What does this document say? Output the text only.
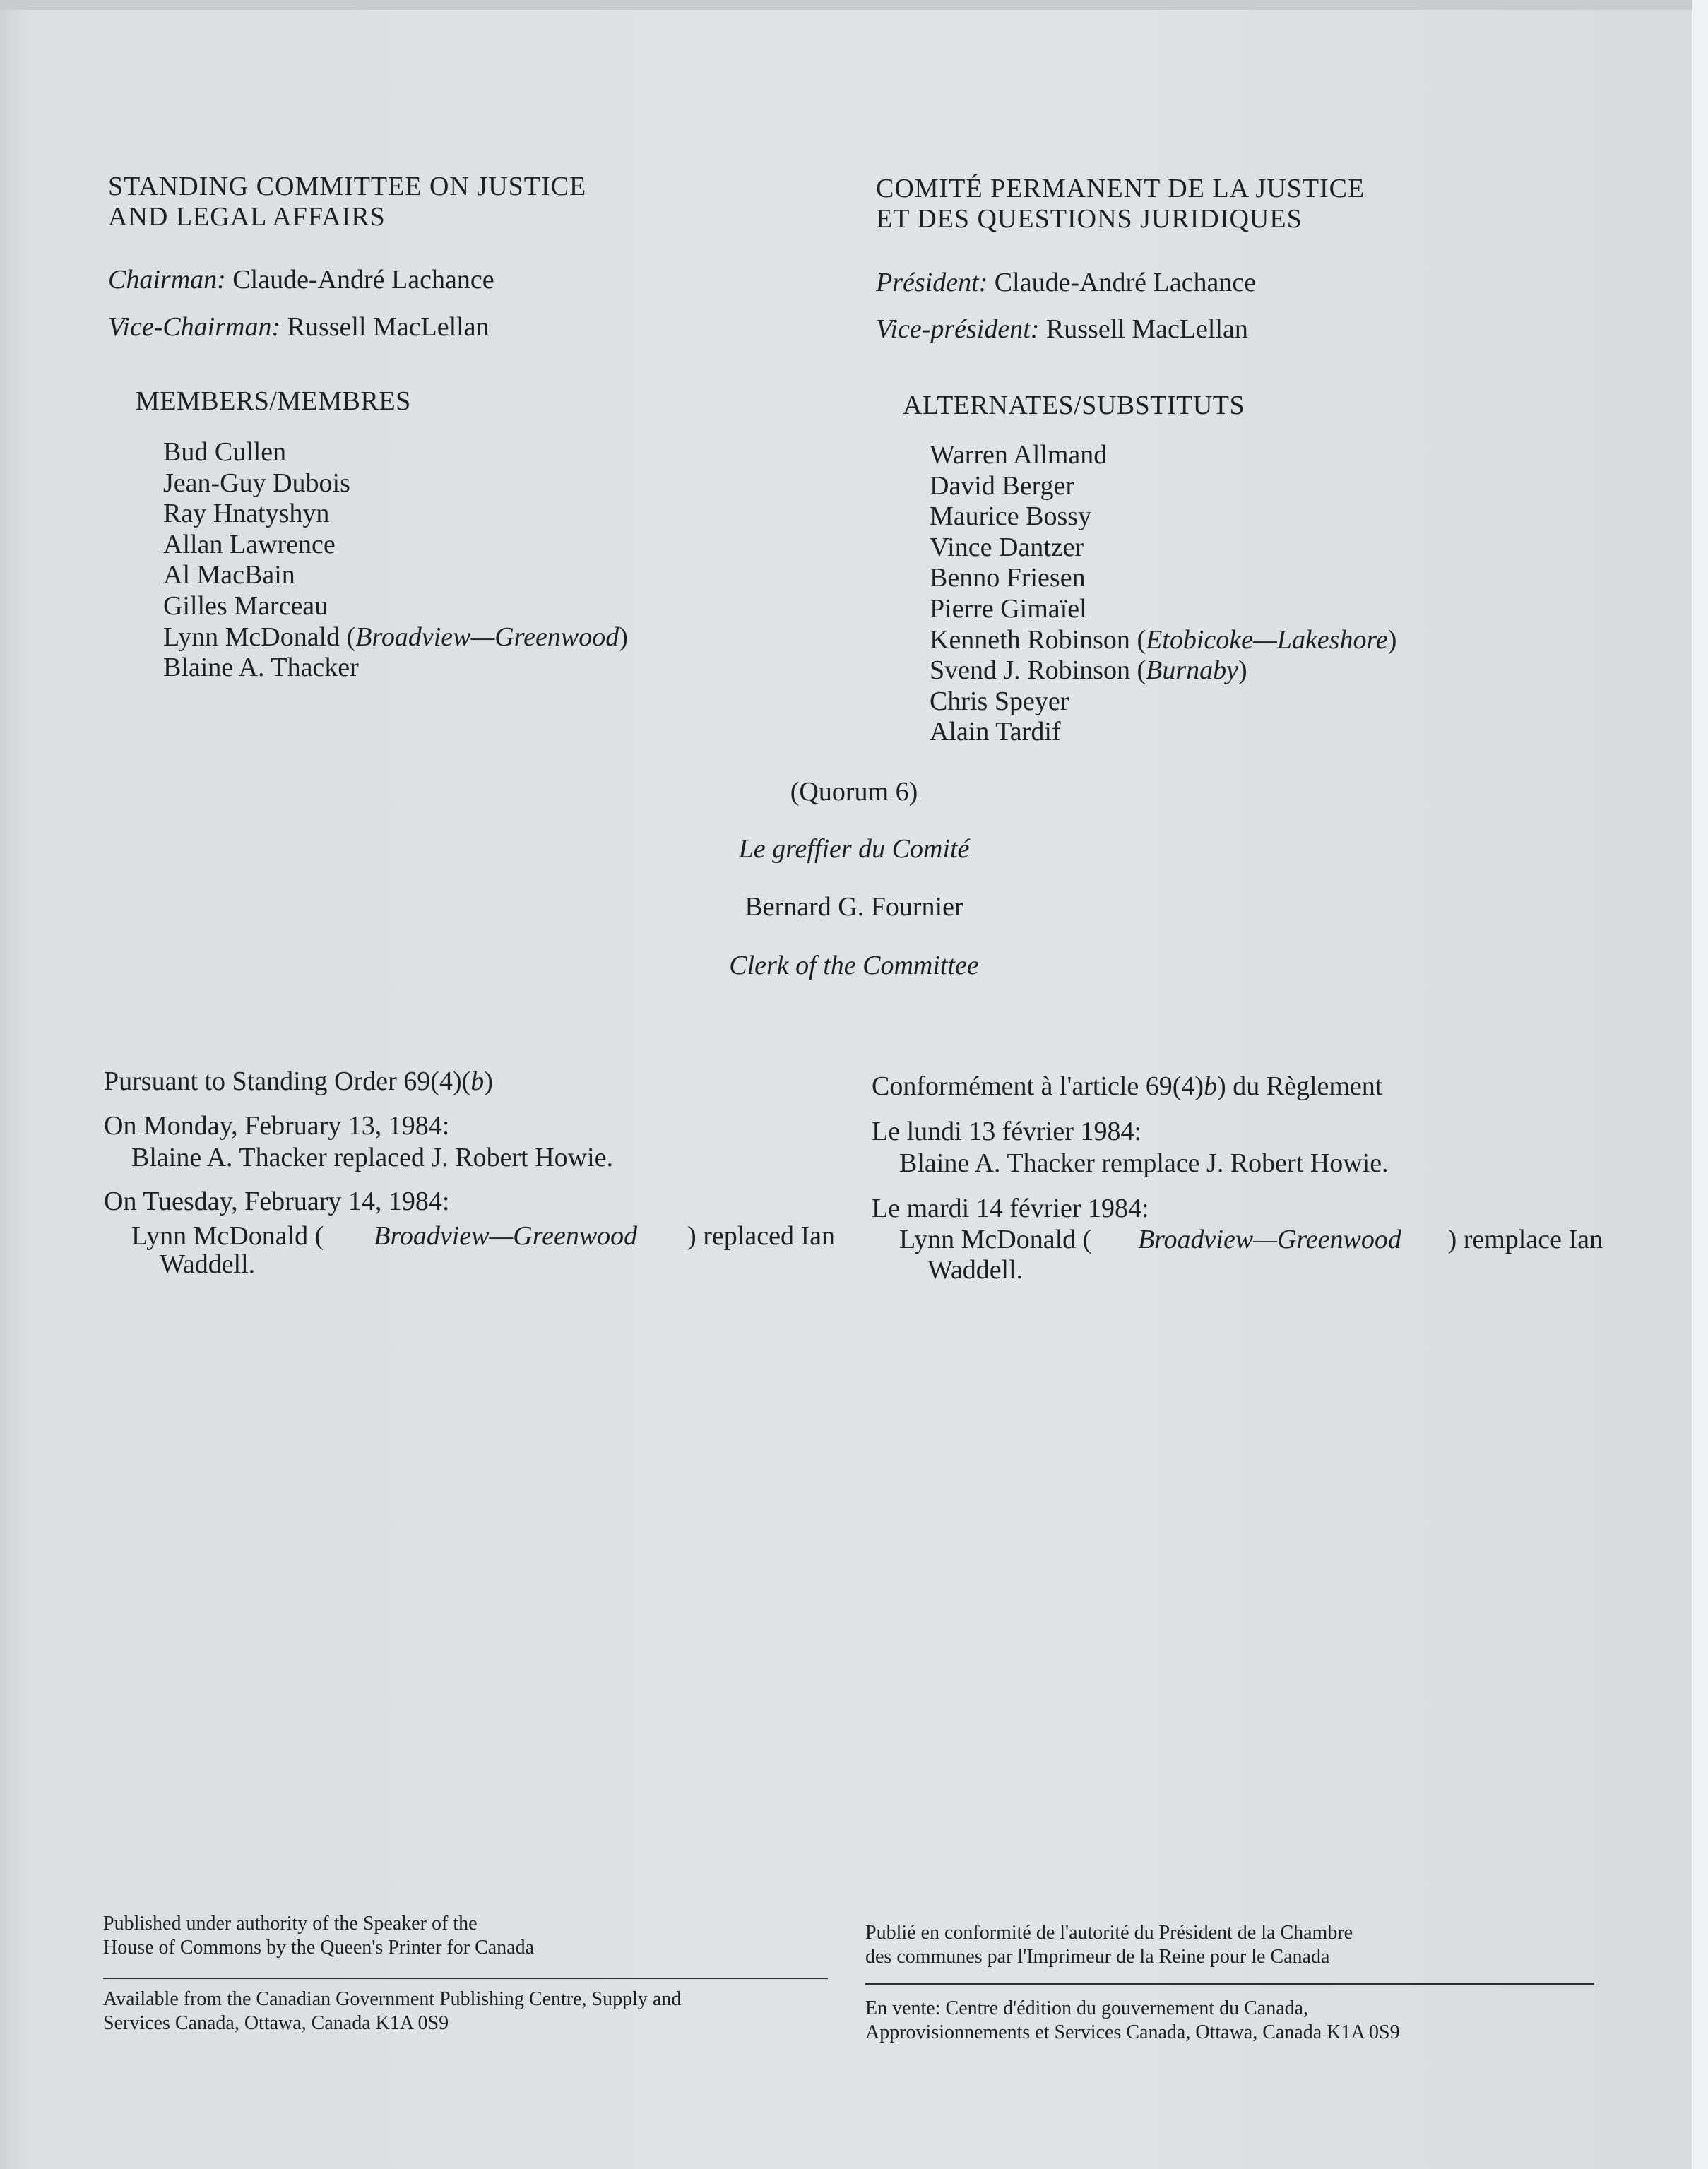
STANDING COMMITTEE ON JUSTICE
AND LEGAL AFFAIRS
Chairman: Claude-André Lachance
Vice-Chairman: Russell MacLellan
COMITÉ PERMANENT DE LA JUSTICE
ET DES QUESTIONS JURIDIQUES
Président: Claude-André Lachance
Vice-président: Russell MacLellan
MEMBERS/MEMBRES
Bud Cullen
Jean-Guy Dubois
Ray Hnatyshyn
Allan Lawrence
Al MacBain
Gilles Marceau
Lynn McDonald (Broadview—Greenwood)
Blaine A. Thacker
ALTERNATES/SUBSTITUTS
Warren Allmand
David Berger
Maurice Bossy
Vince Dantzer
Benno Friesen
Pierre Gimaïel
Kenneth Robinson (Etobicoke—Lakeshore)
Svend J. Robinson (Burnaby)
Chris Speyer
Alain Tardif
(Quorum 6)
Le greffier du Comité
Bernard G. Fournier
Clerk of the Committee
Pursuant to Standing Order 69(4)(b)
On Monday, February 13, 1984:
Blaine A. Thacker replaced J. Robert Howie.
On Tuesday, February 14, 1984:
Lynn McDonald ( Broadview—Greenwood ) replaced Ian
Waddell.
Conformément à l'article 69(4)b) du Règlement
Le lundi 13 février 1984:
Blaine A. Thacker remplace J. Robert Howie.
Le mardi 14 février 1984:
Lynn McDonald ( Broadview—Greenwood ) remplace Ian
Waddell.
Published under authority of the Speaker of the
House of Commons by the Queen's Printer for Canada
Available from the Canadian Government Publishing Centre, Supply and
Services Canada, Ottawa, Canada K1A 0S9
Publié en conformité de l'autorité du Président de la Chambre
des communes par l'Imprimeur de la Reine pour le Canada
En vente: Centre d'édition du gouvernement du Canada,
Approvisionnements et Services Canada, Ottawa, Canada K1A 0S9
